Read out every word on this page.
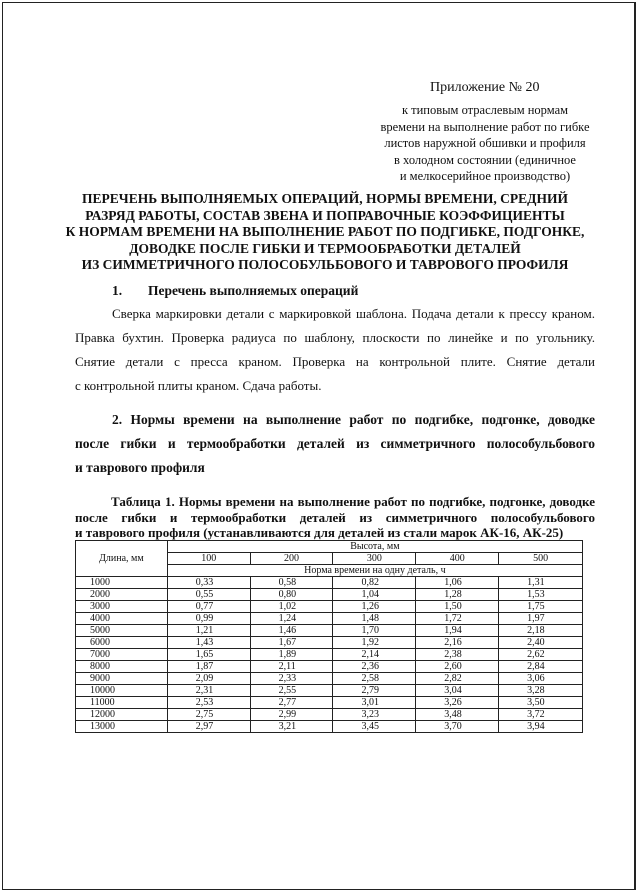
Приложение № 20
к типовым отраслевым нормам
времени на выполнение работ по гибке
листов наружной обшивки и профиля
в холодном состоянии (единичное
и мелкосерийное производство)
ПЕРЕЧЕНЬ ВЫПОЛНЯЕМЫХ ОПЕРАЦИЙ, НОРМЫ ВРЕМЕНИ, СРЕДНИЙ
РАЗРЯД РАБОТЫ, СОСТАВ ЗВЕНА И ПОПРАВОЧНЫЕ КОЭФФИЦИЕНТЫ
К НОРМАМ ВРЕМЕНИ НА ВЫПОЛНЕНИЕ РАБОТ ПО ПОДГИБКЕ, ПОДГОНКЕ,
ДОВОДКЕ ПОСЛЕ ГИБКИ И ТЕРМООБРАБОТКИ ДЕТАЛЕЙ
ИЗ СИММЕТРИЧНОГО ПОЛОСОБУЛЬБОВОГО И ТАВРОВОГО ПРОФИЛЯ
1. Перечень выполняемых операций
Сверка маркировки детали с маркировкой шаблона. Подача детали к прессу краном.
Правка бухтин. Проверка радиуса по шаблону, плоскости по линейке и по угольнику.
Снятие детали с пресса краном. Проверка на контрольной плите. Снятие детали
с контрольной плиты краном. Сдача работы.
2. Нормы времени на выполнение работ по подгибке, подгонке, доводке
после гибки и термообработки деталей из симметричного полособульбового
и таврового профиля
Таблица 1. Нормы времени на выполнение работ по подгибке, подгонке, доводке
после гибки и термообработки деталей из симметричного полособульбового
и таврового профиля (устанавливаются для деталей из стали марок АК-16, АК-25)
Длина, мм	Высота, мм				
	100	200	300	400	500
	Норма времени на одну деталь, ч				
1000	0,33	0,58	0,82	1,06	1,31
2000	0,55	0,80	1,04	1,28	1,53
3000	0,77	1,02	1,26	1,50	1,75
4000	0,99	1,24	1,48	1,72	1,97
5000	1,21	1,46	1,70	1,94	2,18
6000	1,43	1,67	1,92	2,16	2,40
7000	1,65	1,89	2,14	2,38	2,62
8000	1,87	2,11	2,36	2,60	2,84
9000	2,09	2,33	2,58	2,82	3,06
10000	2,31	2,55	2,79	3,04	3,28
11000	2,53	2,77	3,01	3,26	3,50
12000	2,75	2,99	3,23	3,48	3,72
13000	2,97	3,21	3,45	3,70	3,94
